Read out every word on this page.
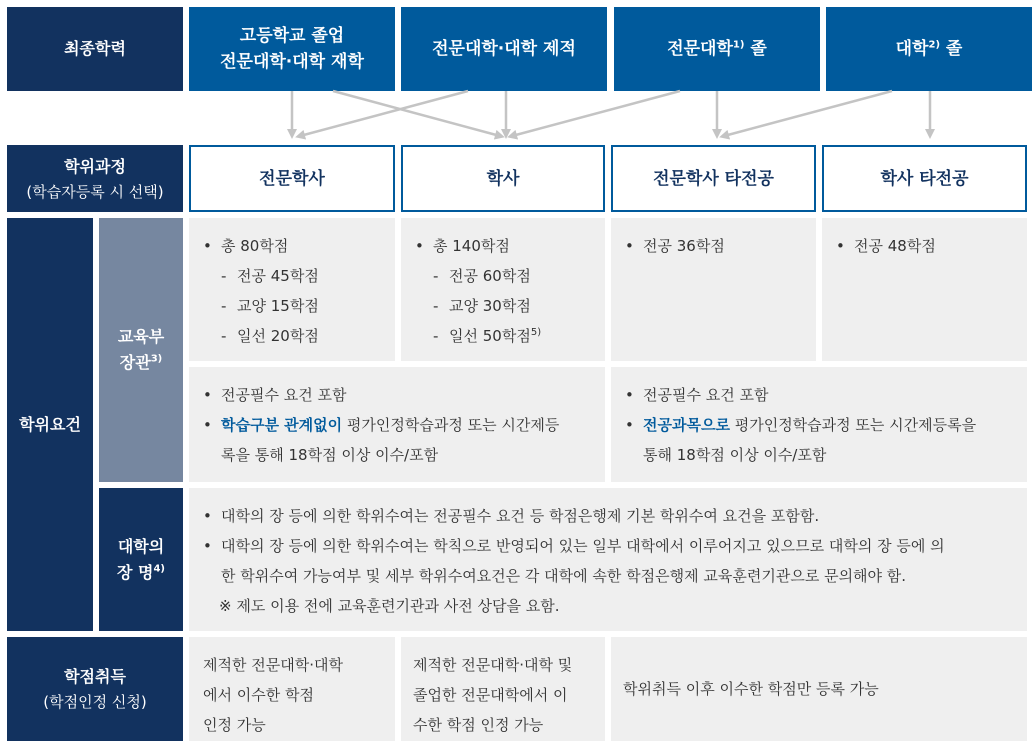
최종학력
고등학교 졸업
전문대학·대학 재학
전문대학·대학 제적	전문대학$^{1)}$ 졸	대학$^{2)}$ 졸
학위과정
(학습자등록 시 선택)
전문학사	학사	전문학사 타전공	학사 타전공
학위요건
교육부
장관$^{3)}$
• 총 80학점
- 전공 45학점
- 교양 15학점
- 일선 20학점
• 총 140학점
- 전공 60학점
- 교양 30학점
- 일선 50학점$^{5)}$
• 전공 36학점
•	전공 48학점
• 전공필수 요건 포함
• 학습구분 관계없이 평가인정학습과정 또는 시간제등
록을 통해 18학점 이상 이수/포함
• 전공필수 요건 포함
• 전공과목으로 평가인정학습과정 또는 시간제등록을
통해 18학점 이상 이수/포함
대학의
장 명$^{4)}$
• 대학의 장 등에 의한 학위수여는 전공필수 요건 등 학점은행제 기본 학위수여 요건을 포함함.
• 대학의 장 등에 의한 학위수여는 학칙으로 반영되어 있는 일부 대학에서 이루어지고 있으므로 대학의 장 등에 의
한 학위수여 가능여부 및 세부 학위수여요건은 각 대학에 속한 학점은행제 교육훈련기관으로 문의해야 함.
※ 제도 이용 전에 교육훈련기관과 사전 상담을 요함.
학점취득
(학점인정 신청)
제적한 전문대학·대학
에서 이수한 학점
인정 가능
제적한 전문대학·대학 및
졸업한 전문대학에서 이
수한 학점 인정 가능
학위취득 이후 이수한 학점만 등록 가능
